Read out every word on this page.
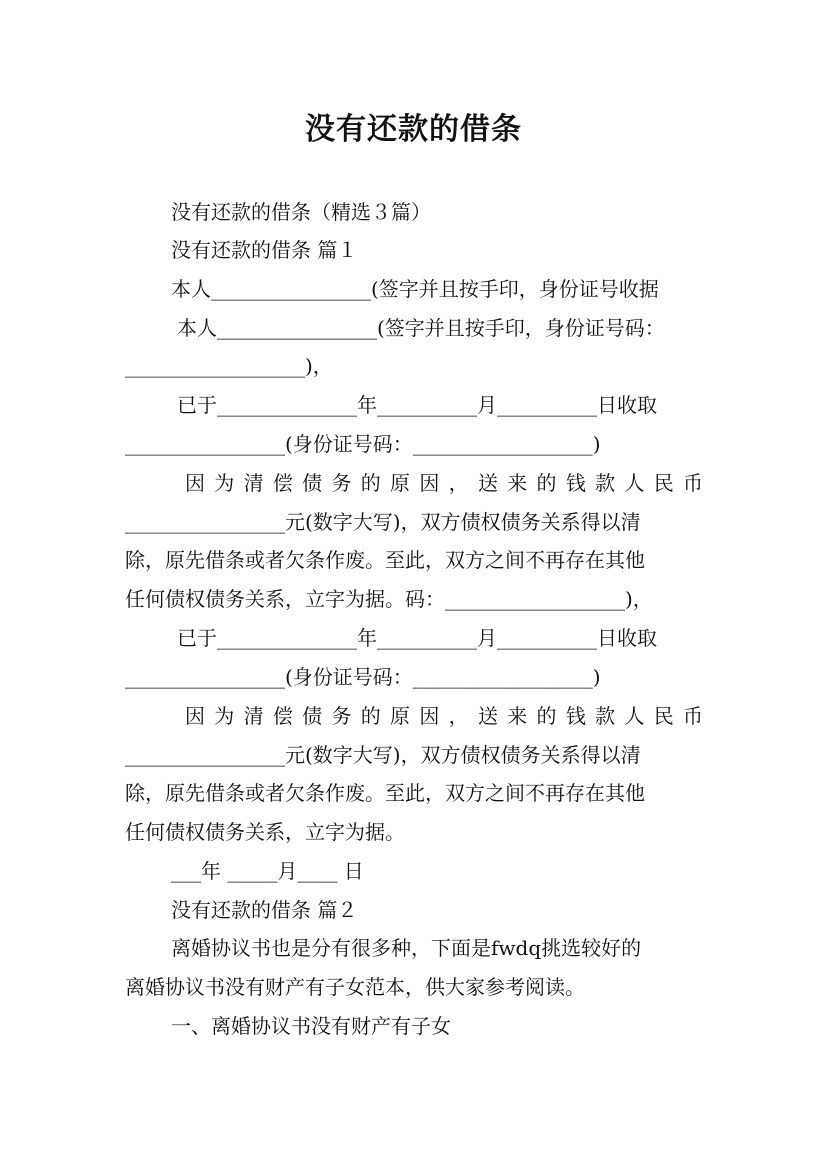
没有还款的借条
没有还款的借条（精选３篇）
没有还款的借条 篇１
本人________________(签字并且按手印，身份证号收据
本人________________(签字并且按手印，身份证号码：
__________________)，
已于______________年__________月__________日收取
________________(身份证号码：__________________)
因为清偿债务的原因，送来的钱款人民币
________________元(数字大写)，双方债权债务关系得以清
除，原先借条或者欠条作废。至此，双方之间不再存在其他
任何债权债务关系，立字为据。码：__________________)，
已于______________年__________月__________日收取
________________(身份证号码：__________________)
因为清偿债务的原因，送来的钱款人民币
________________元(数字大写)，双方债权债务关系得以清
除，原先借条或者欠条作废。至此，双方之间不再存在其他
任何债权债务关系，立字为据。
___年 _____月____ 日
没有还款的借条 篇２
离婚协议书也是分有很多种，下面是fwdq挑选较好的
离婚协议书没有财产有子女范本，供大家参考阅读。
一、离婚协议书没有财产有子女
